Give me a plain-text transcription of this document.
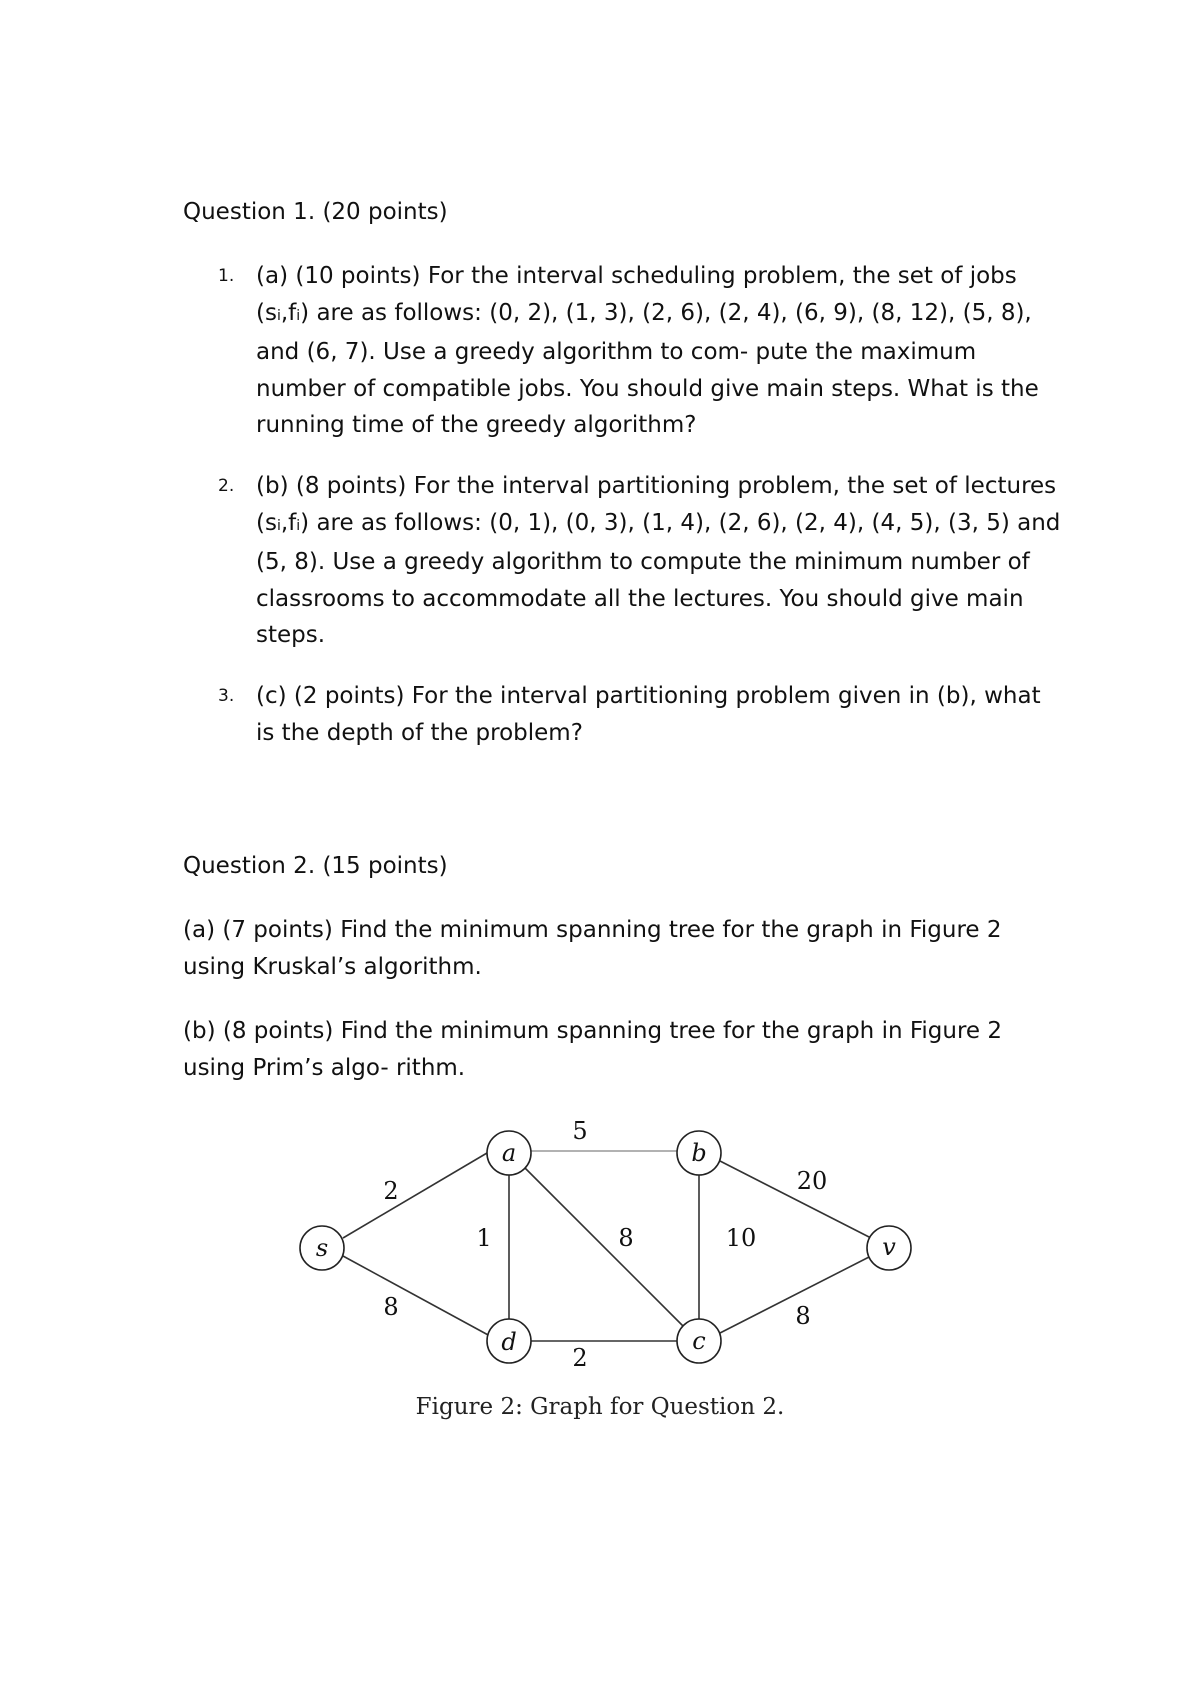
Question 1. (20 points)
1. (a) (10 points) For the interval scheduling problem, the set of jobs (si,fi) are as follows: (0, 2), (1, 3), (2, 6), (2, 4), (6, 9), (8, 12), (5, 8), and (6, 7). Use a greedy algorithm to com- pute the maximum number of compatible jobs. You should give main steps. What is the running time of the greedy algorithm?
2. (b) (8 points) For the interval partitioning problem, the set of lectures (si,fi) are as follows: (0, 1), (0, 3), (1, 4), (2, 6), (2, 4), (4, 5), (3, 5) and (5, 8). Use a greedy algorithm to compute the minimum number of classrooms to accommodate all the lectures. You should give main steps.
3. (c) (2 points) For the interval partitioning problem given in (b), what is the depth of the problem?
Question 2. (15 points)
(a) (7 points) Find the minimum spanning tree for the graph in Figure 2 using Kruskal’s algorithm.
(b) (8 points) Find the minimum spanning tree for the graph in Figure 2 using Prim’s algo- rithm.
s
a	b
d	c
v
2
8
5
1	8	10
20
2
8
Figure 2: Graph for Question 2.
